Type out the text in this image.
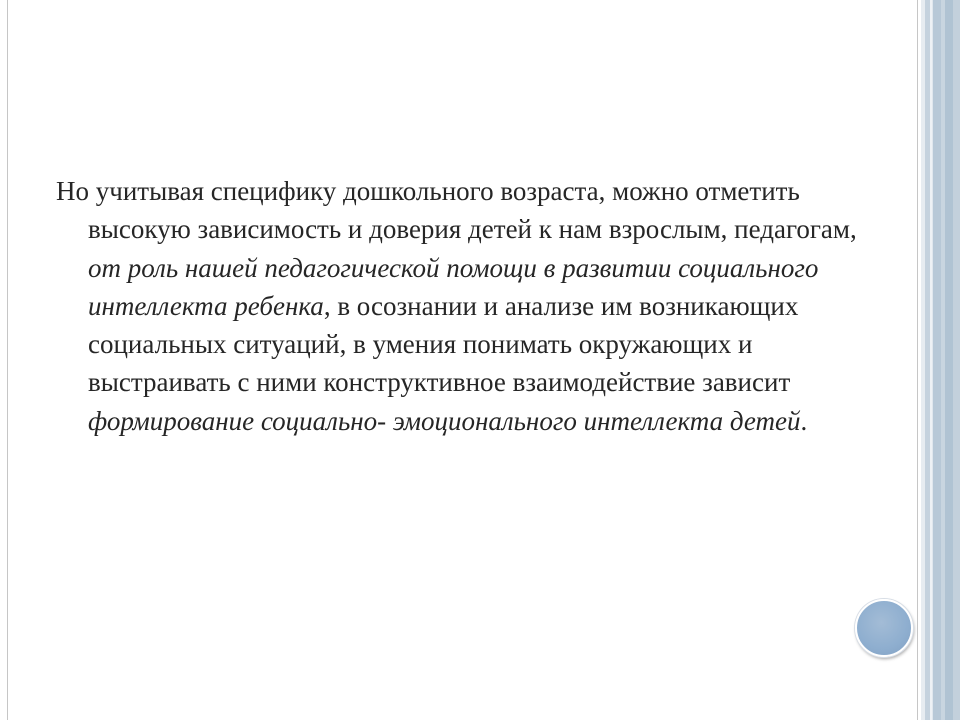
Но учитывая специфику дошкольного возраста, можно отметить высокую зависимость и доверия детей к нам взрослым, педагогам, от роль нашей педагогической помощи в развитии социального интеллекта ребенка, в осознании и анализе им возникающих социальных ситуаций, в умения понимать окружающих и выстраивать с ними конструктивное взаимодействие зависит формирование социально- эмоционального интеллекта детей.
